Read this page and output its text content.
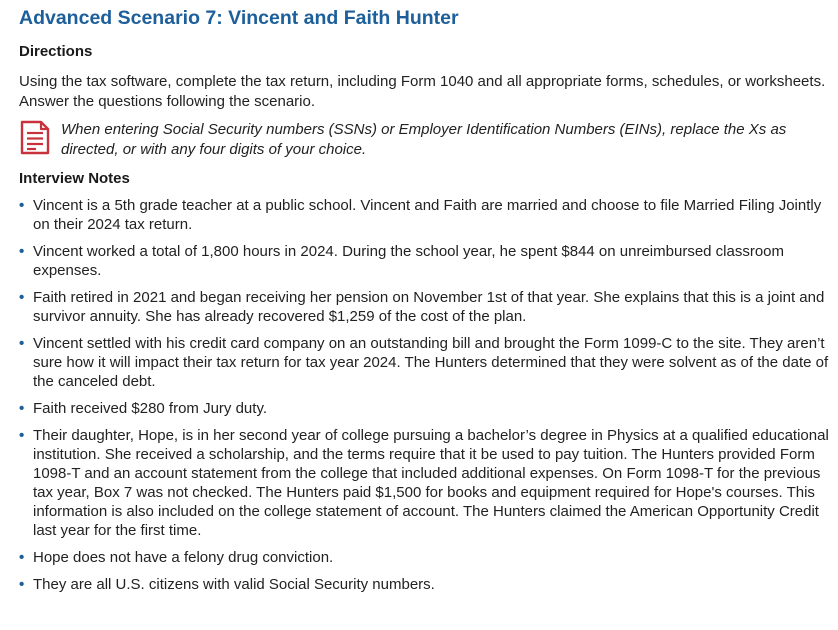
Advanced Scenario 7: Vincent and Faith Hunter
Directions
Using the tax software, complete the tax return, including Form 1040 and all appropriate forms, schedules, or worksheets. Answer the questions following the scenario.
When entering Social Security numbers (SSNs) or Employer Identification Numbers (EINs), replace the Xs as directed, or with any four digits of your choice.
Interview Notes
• Vincent is a 5th grade teacher at a public school. Vincent and Faith are married and choose to file Married Filing Jointly on their 2024 tax return.
• Vincent worked a total of 1,800 hours in 2024. During the school year, he spent $844 on unreimbursed classroom expenses.
• Faith retired in 2021 and began receiving her pension on November 1st of that year. She explains that this is a joint and survivor annuity. She has already recovered $1,259 of the cost of the plan.
• Vincent settled with his credit card company on an outstanding bill and brought the Form 1099-C to the site. They aren’t sure how it will impact their tax return for tax year 2024. The Hunters determined that they were solvent as of the date of the canceled debt.
• Faith received $280 from Jury duty.
• Their daughter, Hope, is in her second year of college pursuing a bachelor’s degree in Physics at a qualified educational institution. She received a scholarship, and the terms require that it be used to pay tuition. The Hunters provided Form 1098-T and an account statement from the college that included additional expenses. On Form 1098-T for the previous tax year, Box 7 was not checked. The Hunters paid $1,500 for books and equipment required for Hope's courses. This information is also included on the college statement of account. The Hunters claimed the American Opportunity Credit last year for the first time.
• Hope does not have a felony drug conviction.
• They are all U.S. citizens with valid Social Security numbers.
